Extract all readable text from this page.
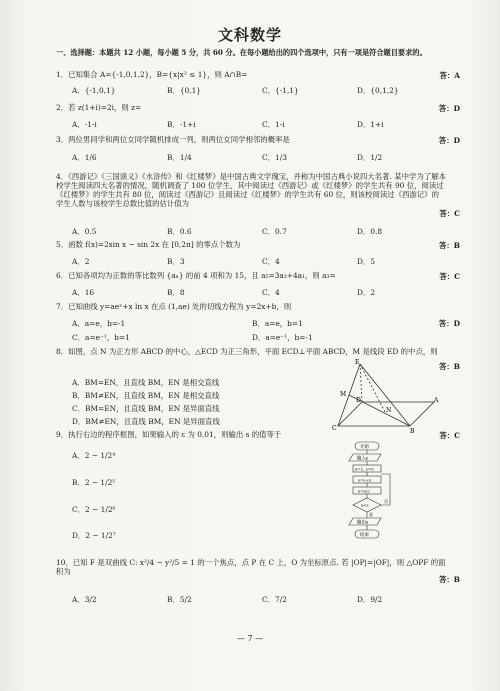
文科数学
一、选择题：本题共 12 小题，每小题 5 分，共 60 分。在每小题给出的四个选项中，只有一项是符合题目要求的。
1．已知集合 A={-1,0,1,2}，B={x|x² ≤ 1}，则 A∩B=	答：A
A．{-1,0,1}	B．{0,1}	C．{-1,1}	D．{0,1,2}
2．若 z(1+i)=2i，则 z=	答：D
A．-1-i	B．-1+i	C．1-i	D．1+i
3．两位男同学和两位女同学随机排成一列，则两位女同学相邻的概率是	答：D
A．1/6	B．1/4	C．1/3	D．1/2
4．《西游记》《三国演义》《水浒传》和《红楼梦》是中国古典文学瑰宝，并称为中国古典小说四大名著. 某中学为了解本校学生阅读四大名著的情况，随机调查了 100 位学生，其中阅读过《西游记》或《红楼梦》的学生共有 90 位，阅读过《红楼梦》的学生共有 80 位，阅读过《西游记》且阅读过《红楼梦》的学生共有 60 位，则该校阅读过《西游记》的学生人数与该校学生总数比值的估计值为
答：C
A．0.5	B．0.6	C．0.7	D．0.8
5．函数 f(x)=2sin x − sin 2x 在 [0,2π] 的零点个数为	答：B
A．2	B．3	C．4	D．5
6．已知各项均为正数的等比数列 {aₙ} 的前 4 项和为 15，且 a₅=3a₃+4a₁，则 a₃=	答：C
A．16	B．8	C．4	D．2
7．已知曲线 y=aeˣ+x ln x 在点 (1,ae) 处的切线方程为 y=2x+b，则
A．a=e，b=-1	B．a=e，b=1	答：D
C．a=e⁻¹，b=1	D．a=e⁻¹，b=-1
8．如图，点 N 为正方形 ABCD 的中心，△ECD 为正三角形，平面 ECD⊥平面 ABCD，M 是线段 ED 的中点，则
答：B
A．BM=EN，且直线 BM，EN 是相交直线
B．BM≠EN，且直线 BM，EN 是相交直线
C．BM=EN，且直线 BM，EN 是异面直线
D．BM≠EN，且直线 BM，EN 是异面直线
E
M
D
C
N
A
B
9．执行右边的程序框图，如果输入的 ε 为 0.01，则输出 s 的值等于	答：C
A．2 − 1/2⁴
B．2 − 1/2⁵
C．2 − 1/2⁶
D．2 − 1/2⁷
开始
输入ε
x=1, s=0
s=s+x
x=x/2
x<ε
否
是
输出s
结束
10．已知 F 是双曲线 C: x²/4 − y²/5 = 1 的一个焦点，点 P 在 C 上，O 为坐标原点. 若 |OP|=|OF|，则 △OPF 的面积为
答：B
A．3/2	B．5/2	C．7/2	D．9/2
— 7 —
